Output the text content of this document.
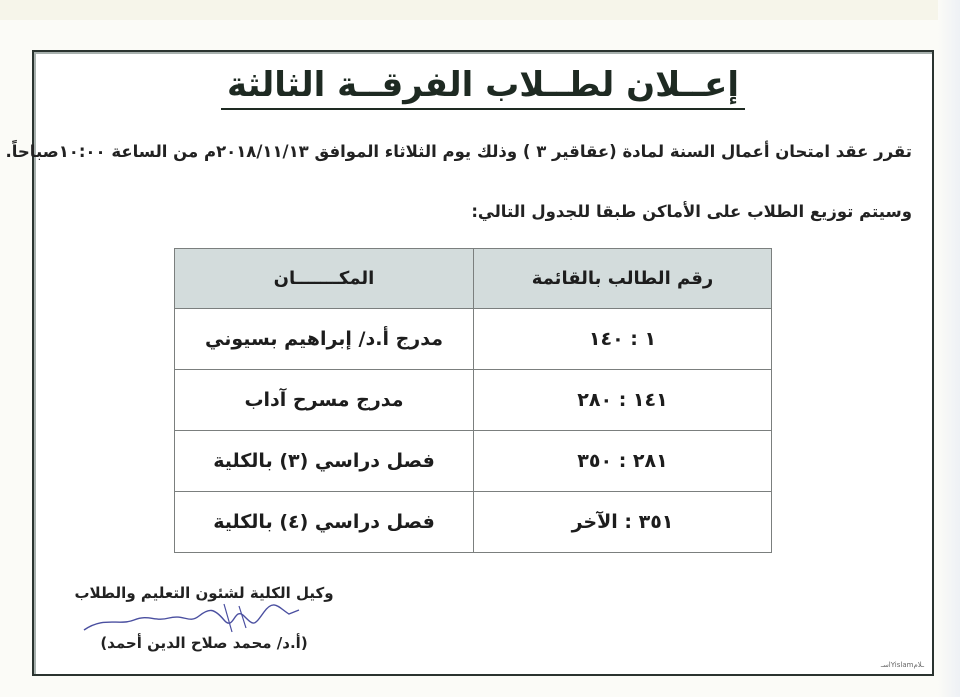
إعــلان لطــلاب الفرقــة الثالثة
تقرر عقد امتحان أعمال السنة لمادة (عقاقير ٣ ) وذلك يوم الثلاثاء الموافق ٢٠١٨/١١/١٣م من الساعة ١٠:٠٠صباحاً.
وسيتم توزيع الطلاب على الأماكن طبقا للجدول التالي:
رقم الطالب بالقائمة	المكـــــــان
١ : ١٤٠	مدرج أ.د/ إبراهيم بسيوني
١٤١ : ٢٨٠	مدرج مسرح آداب
٢٨١ : ٣٥٠	فصل دراسي (٣) بالكلية
٣٥١ : الآخر	فصل دراسي (٤) بالكلية
وكيل الكلية لشئون التعليم والطلاب
(أ.د/ محمد صلاح الدين أحمد)
اسـYislamـلام
